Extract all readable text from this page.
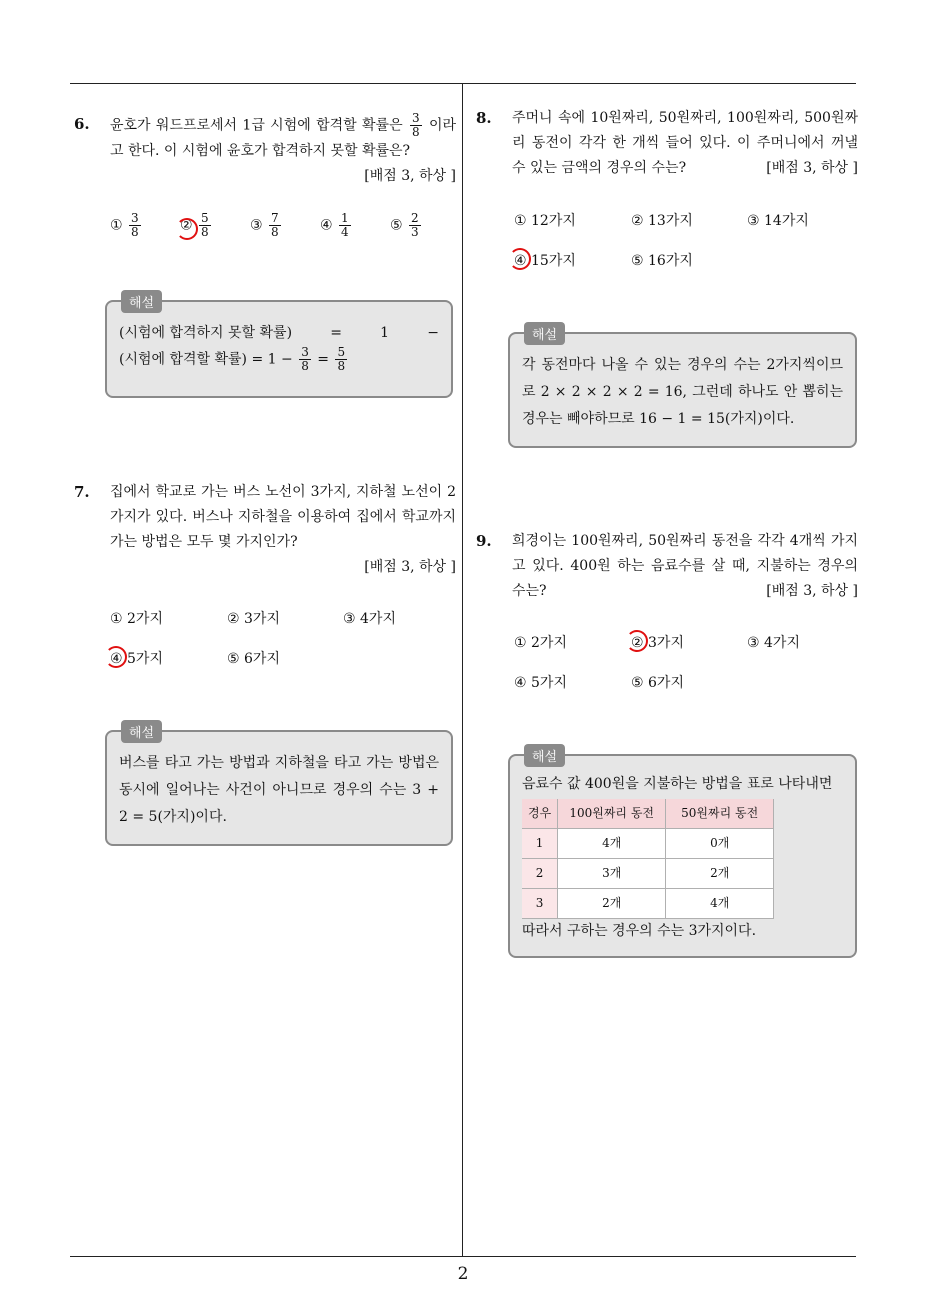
6. 윤호가 워드프로세서 1급 시험에 합격할 확률은 $\frac{3}{8}$ 이라고 한다. 이 시험에 윤호가 합격하지 못할 확률은?
[배점 3, 하상 ]
① $\frac{3}{8}$	② $\frac{5}{8}$	③ $\frac{7}{8}$	④ $\frac{1}{4}$	⑤ $\frac{2}{3}$
해설
(시험에 합격하지 못할 확률)	=	1	−
(시험에 합격할 확률) = $1 - \frac{3}{8} = \frac{5}{8}$
7. 집에서 학교로 가는 버스 노선이 3가지, 지하철 노선이 2가지가 있다. 버스나 지하철을 이용하여 집에서 학교까지 가는 방법은 모두 몇 가지인가?
[배점 3, 하상 ]
① 2가지	② 3가지	③ 4가지
④ 5가지	⑤ 6가지
해설
버스를 타고 가는 방법과 지하철을 타고 가는 방법은 동시에 일어나는 사건이 아니므로 경우의 수는 3 + 2 = 5(가지)이다.
8. 주머니 속에 10원짜리, 50원짜리, 100원짜리, 500원짜리 동전이 각각 한 개씩 들어 있다. 이 주머니에서 꺼낼 수 있는 금액의 경우의 수는?	[배점 3, 하상 ]
① 12가지	② 13가지	③ 14가지
④ 15가지	⑤ 16가지
해설
각 동전마다 나올 수 있는 경우의 수는 2가지씩이므로 2 × 2 × 2 × 2 = 16, 그런데 하나도 안 뽑히는 경우는 빼야하므로 16 − 1 = 15(가지)이다.
9. 희경이는 100원짜리, 50원짜리 동전을 각각 4개씩 가지고 있다. 400원 하는 음료수를 살 때, 지불하는 경우의 수는?	[배점 3, 하상 ]
① 2가지	② 3가지	③ 4가지
④ 5가지	⑤ 6가지
해설
음료수 값 400원을 지불하는 방법을 표로 나타내면
경우	100원짜리 동전	50원짜리 동전
1	4개	0개
2	3개	2개
3	2개	4개
따라서 구하는 경우의 수는 3가지이다.
2
